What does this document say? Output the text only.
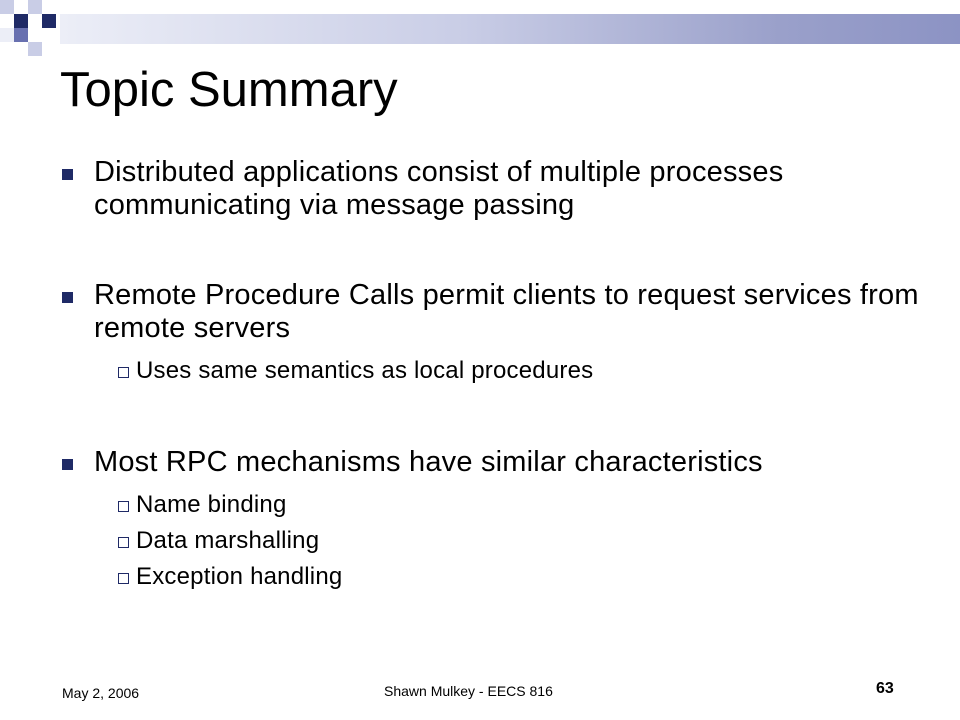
Topic Summary
Distributed applications consist of multiple processes communicating via message passing
Remote Procedure Calls permit clients to request services from remote servers
Uses same semantics as local procedures
Most RPC mechanisms have similar characteristics
Name binding
Data marshalling
Exception handling
May 2, 2006	Shawn Mulkey - EECS 816	63
